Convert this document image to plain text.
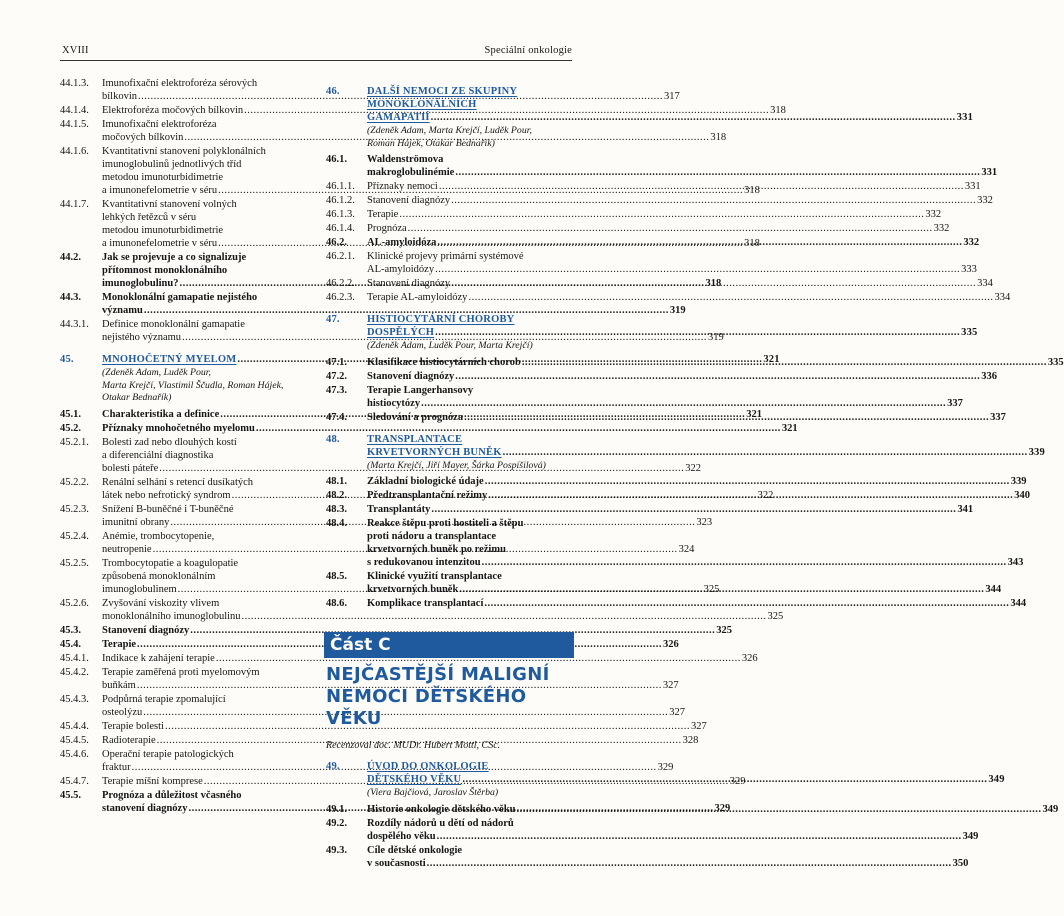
XVIII	Speciální onkologie
44.1.3.	Imunofixační elektroforéza sérových
bílkovin .....	317
44.1.4.	Elektroforéza močových bílkovin .....	318
44.1.5.	Imunofixační elektroforéza
močových bílkovin .....	318
44.1.6.	Kvantitativní stanovení polyklonálních
imunoglobulinů jednotlivých tříd
metodou imunoturbidimetrie
a imunonefelometrie v séru .....	318
44.1.7.	Kvantitativní stanovení volných
lehkých řetězců v séru
metodou imunoturbidimetrie
a imunonefelometrie v séru .....	318
44.2.	Jak se projevuje a co signalizuje
přítomnost monoklonálního
imunoglobulinu? .....	318
44.3.	Monoklonální gamapatie nejistého
významu .....	319
44.3.1.	Definice monoklonální gamapatie
nejistého významu .....	319
45.	MNOHOČETNÝ MYELOM .....	321
(Zdeněk Adam, Luděk Pour,
Marta Krejčí, Vlastimil Ščudla, Roman Hájek,
Otakar Bednařík)
45.1.	Charakteristika a definice .....	321
45.2.	Příznaky mnohočetného myelomu .....	321
45.2.1.	Bolesti zad nebo dlouhých kostí
a diferenciální diagnostika
bolesti páteře .....	322
45.2.2.	Renální selhání s retencí dusíkatých
látek nebo nefrotický syndrom .....	322
45.2.3.	Snížení B-buněčné i T-buněčné
imunitní obrany .....	323
45.2.4.	Anémie, trombocytopenie,
neutropenie .....	324
45.2.5.	Trombocytopatie a koagulopatie
způsobená monoklonálním
imunoglobulinem .....	325
45.2.6.	Zvyšování viskozity vlivem
monoklonálního imunoglobulinu .....	325
45.3.	Stanovení diagnózy .....	325
45.4.	Terapie .....	326
45.4.1.	Indikace k zahájení terapie .....	326
45.4.2.	Terapie zaměřená proti myelomovým
buňkám .....	327
45.4.3.	Podpůrná terapie zpomalující
osteolýzu .....	327
45.4.4.	Terapie bolesti .....	327
45.4.5.	Radioterapie .....	328
45.4.6.	Operační terapie patologických
fraktur .....	329
45.4.7.	Terapie míšní komprese .....	329
45.5.	Prognóza a důležitost včasného
stanovení diagnózy .....	329
46.	DALŠÍ NEMOCI ZE SKUPINY
MONOKLONÁLNÍCH
GAMAPATIÍ .....	331
(Zdeněk Adam, Marta Krejčí, Luděk Pour,
Roman Hájek, Otakar Bednařík)
46.1.	Waldenströmova
makroglobulinémie .....	331
46.1.1.	Příznaky nemoci .....	331
46.1.2.	Stanovení diagnózy .....	332
46.1.3.	Terapie .....	332
46.1.4.	Prognóza .....	332
46.2.	AL-amyloidóza .....	332
46.2.1.	Klinické projevy primární systémové
AL-amyloidózy .....	333
46.2.2.	Stanovení diagnózy .....	334
46.2.3.	Terapie AL-amyloidózy .....	334
47.	HISTIOCYTÁRNÍ CHOROBY
DOSPĚLÝCH .....	335
(Zdeněk Adam, Luděk Pour, Marta Krejčí)
47.1.	Klasifikace histiocytárních chorob .....	335
47.2.	Stanovení diagnózy .....	336
47.3.	Terapie Langerhansovy
histiocytózy .....	337
47.4.	Sledování a prognóza .....	337
48.	TRANSPLANTACE
KRVETVORNÝCH BUNĚK .....	339
(Marta Krejčí, Jiří Mayer, Šárka Pospíšilová)
48.1.	Základní biologické údaje .....	339
48.2.	Předtransplantační režimy .....	340
48.3.	Transplantáty .....	341
48.4.	Reakce štěpu proti hostiteli a štěpu
proti nádoru a transplantace
krvetvorných buněk po režimu
s redukovanou intenzitou .....	343
48.5.	Klinické využití transplantace
krvetvorných buněk .....	344
48.6.	Komplikace transplantací .....	344
Část C
NEJČASTĚJŠÍ MALIGNÍ
NEMOCI DĚTSKÉHO VĚKU
Recenzoval doc. MUDr. Hubert Mottl, CSc.
49.	ÚVOD DO ONKOLOGIE
DĚTSKÉHO VĚKU .....	349
(Viera Bajčiová, Jaroslav Štěrba)
49.1.	Historie onkologie dětského věku .....	349
49.2.	Rozdíly nádorů u dětí od nádorů
dospělého věku .....	349
49.3.	Cíle dětské onkologie
v současnosti .....	350
